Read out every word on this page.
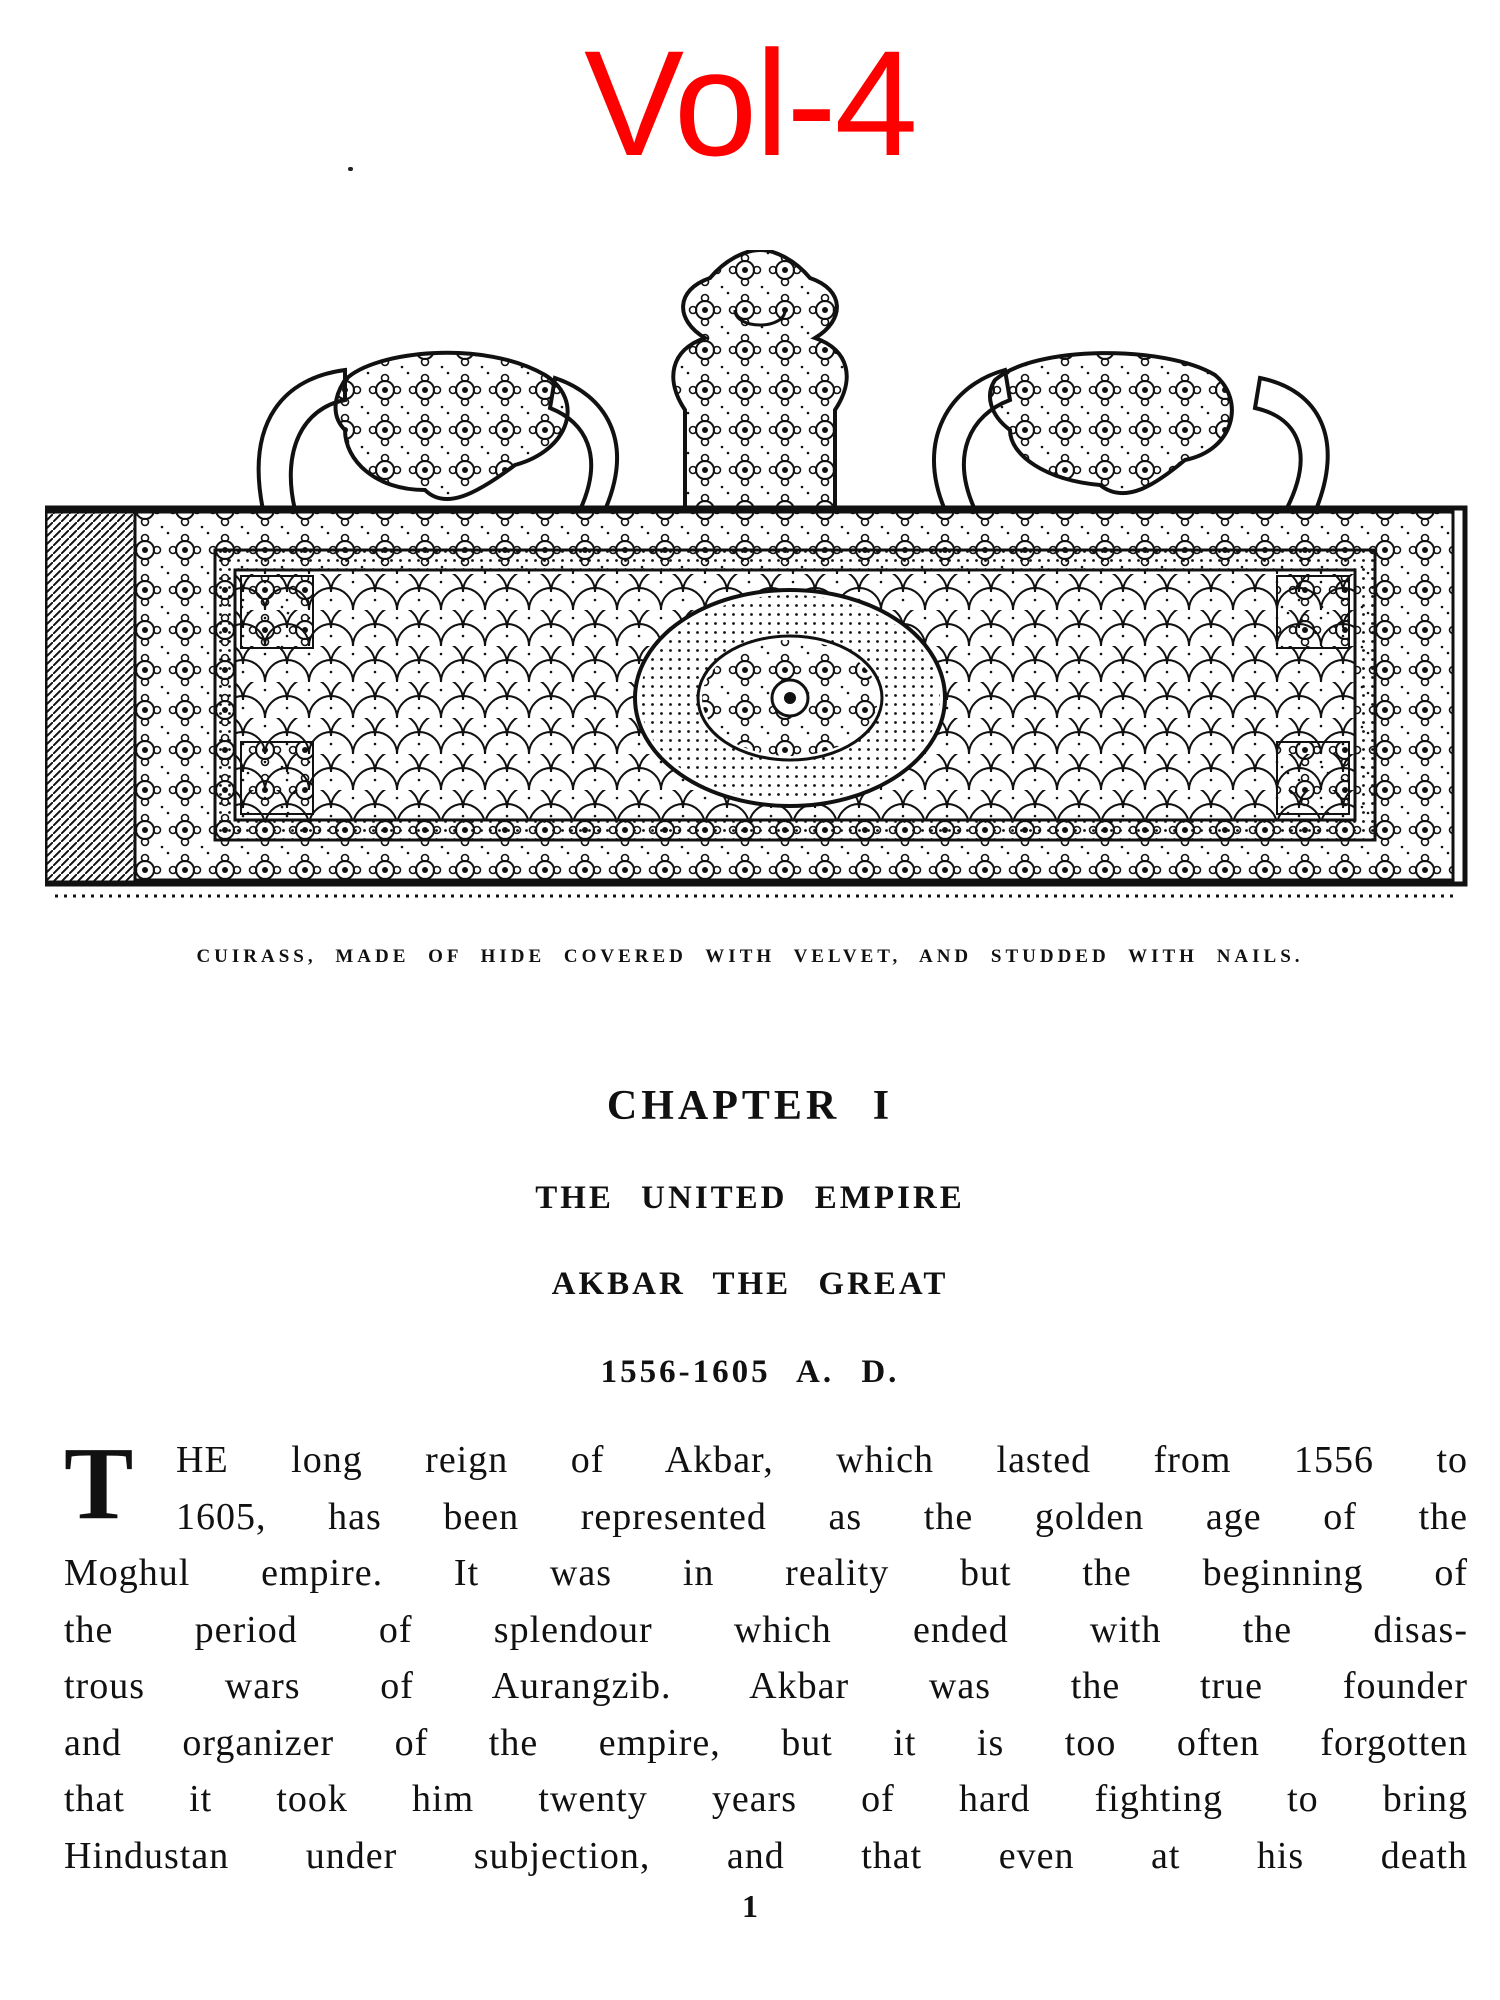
Vol-4
CUIRASS, MADE OF HIDE COVERED WITH VELVET, AND STUDDED WITH NAILS.
CHAPTER I
THE UNITED EMPIRE
AKBAR THE GREAT
1556-1605 A. D.
T	HE long reign of Akbar, which lasted from 1556 to
1605, has been represented as the golden age of the
Moghul empire. It was in reality but the beginning of
the period of splendour which ended with the disas-
trous wars of Aurangzib. Akbar was the true founder
and organizer of the empire, but it is too often forgotten
that it took him twenty years of hard fighting to bring
Hindustan under subjection, and that even at his death
1
